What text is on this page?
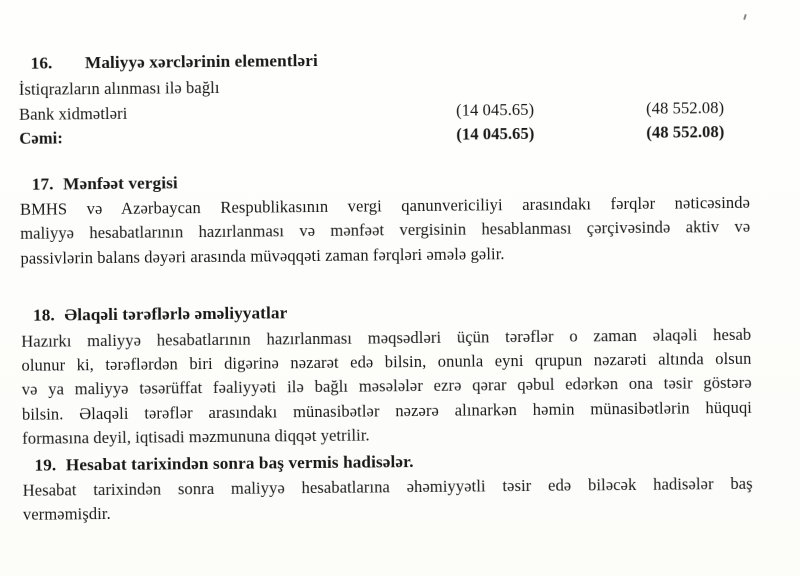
16. Maliyyə xərclərinin elementləri
İstiqrazların alınması ilə bağlı
Bank xidmətləri	(14 045.65)	(48 552.08)
Cəmi:	(14 045.65)	(48 552.08)
17. Mənfəət vergisi
BMHS və Azərbaycan Respublikasının vergi qanunvericiliyi arasındakı fərqlər nəticəsində
maliyyə hesabatlarının hazırlanması və mənfəət vergisinin hesablanması çərçivəsində aktiv və
passivlərin balans dəyəri arasında müvəqqəti zaman fərqləri əmələ gəlir.
18. Əlaqəli tərəflərlə əməliyyatlar
Hazırkı maliyyə hesabatlarının hazırlanması məqsədləri üçün tərəflər o zaman əlaqəli hesab
olunur ki, tərəflərdən biri digərinə nəzarət edə bilsin, onunla eyni qrupun nəzarəti altında olsun
və ya maliyyə təsərüffat fəaliyyəti ilə bağlı məsələlər ezrə qərar qəbul edərkən ona təsir göstərə
bilsin. Əlaqəli tərəflər arasındakı münasibətlər nəzərə alınarkən həmin münasibətlərin hüquqi
formasına deyil, iqtisadi məzmununa diqqət yetrilir.
19. Hesabat tarixindən sonra baş vermis hadisələr.
Hesabat tarixindən sonra maliyyə hesabatlarına əhəmiyyətli təsir edə biləcək hadisələr baş
verməmişdir.
